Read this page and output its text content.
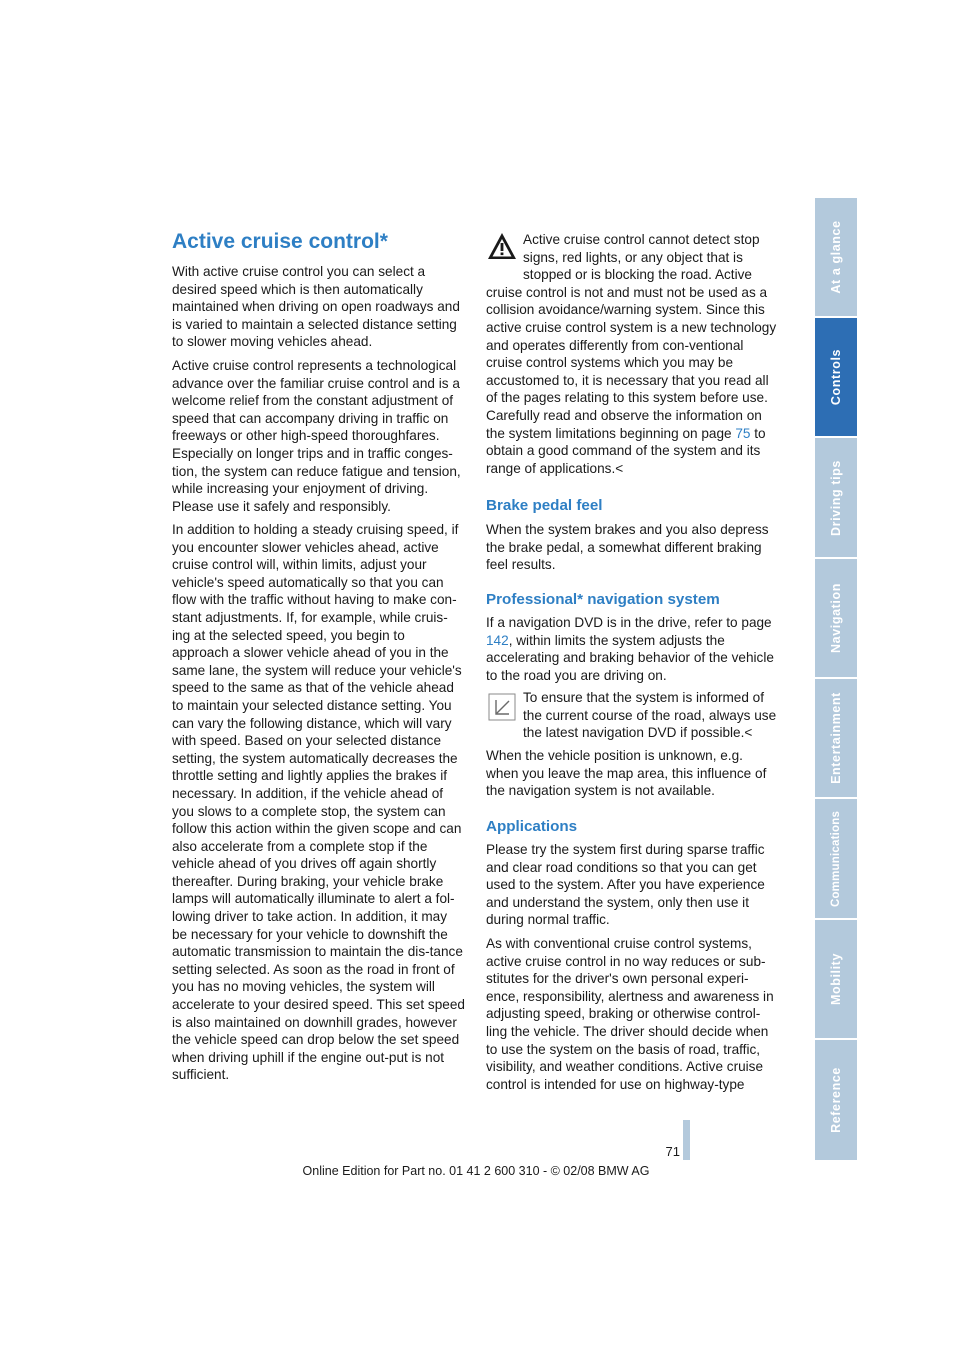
Active cruise control*

With active cruise control you can select a desired speed which is then automatically maintained when driving on open roadways and is varied to maintain a selected distance setting to slower moving vehicles ahead.

Active cruise control represents a technological advance over the familiar cruise control and is a welcome relief from the constant adjustment of speed that can accompany driving in traffic on freeways or other high-speed thoroughfares. Especially on longer trips and in traffic conges-tion, the system can reduce fatigue and tension, while increasing your enjoyment of driving. Please use it safely and responsibly.

In addition to holding a steady cruising speed, if you encounter slower vehicles ahead, active cruise control will, within limits, adjust your vehicle's speed automatically so that you can flow with the traffic without having to make con-stant adjustments. If, for example, while cruis-ing at the selected speed, you begin to approach a slower vehicle ahead of you in the same lane, the system will reduce your vehicle's speed to the same as that of the vehicle ahead to maintain your selected distance setting. You can vary the following distance, which will vary with speed. Based on your selected distance setting, the system automatically decreases the throttle setting and lightly applies the brakes if necessary. In addition, if the vehicle ahead of you slows to a complete stop, the system can follow this action within the given scope and can also accelerate from a complete stop if the vehicle ahead of you drives off again shortly thereafter. During braking, your vehicle brake lamps will automatically illuminate to alert a fol-lowing driver to take action. In addition, it may be necessary for your vehicle to downshift the automatic transmission to maintain the dis-tance setting selected. As soon as the road in front of you has no moving vehicles, the system will accelerate to your desired speed. This set speed is also maintained on downhill grades, however the vehicle speed can drop below the set speed when driving uphill if the engine out-put is not sufficient.

Active cruise control cannot detect stop signs, red lights, or any object that is stopped or is blocking the road. Active cruise control is not and must not be used as a collision avoidance/warning system. Since this active cruise control system is a new technology and operates differently from con-ventional cruise control systems which you may be accustomed to, it is necessary that you read all of the pages relating to this system before use. Carefully read and observe the information on the system limitations beginning on page 75 to obtain a good command of the system and its range of applications.<

Brake pedal feel

When the system brakes and you also depress the brake pedal, a somewhat different braking feel results.

Professional* navigation system

If a navigation DVD is in the drive, refer to page 142, within limits the system adjusts the accelerating and braking behavior of the vehicle to the road you are driving on.

To ensure that the system is informed of the current course of the road, always use the latest navigation DVD if possible.<

When the vehicle position is unknown, e.g. when you leave the map area, this influence of the navigation system is not available.

Applications

Please try the system first during sparse traffic and clear road conditions so that you can get used to the system. After you have experience and understand the system, only then use it during normal traffic.

As with conventional cruise control systems, active cruise control in no way reduces or sub-stitutes for the driver's own personal experi-ence, responsibility, alertness and awareness in adjusting speed, braking or otherwise control-ling the vehicle. The driver should decide when to use the system on the basis of road, traffic, visibility, and weather conditions. Active cruise control is intended for use on highway-type

At a glance
Controls
Driving tips
Navigation
Entertainment
Communications
Mobility
Reference
71
Online Edition for Part no. 01 41 2 600 310 - © 02/08 BMW AG
